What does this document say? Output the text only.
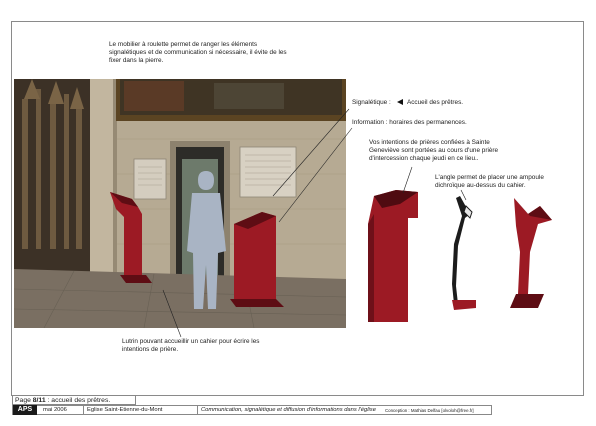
Le mobilier à roulette permet de ranger les éléments signalétiques et de communication si nécessaire, il évite de les fixer dans la pierre.
Signalétique :	Accueil des prêtres.
Information : horaires des permanences.
Vos intentions de prières confiées à Sainte Geneviève sont portées au cours d'une prière d'intercession chaque jeudi en ce lieu..
L'angle permet de placer une ampoule dichroïque au-dessus du cahier.
Lutrin pouvant accueillir un cahier pour écrire les intentions de prière.
Page 8/11 : accueil des prêtres.
APS	mai 2006	Eglise Saint-Etienne-du-Mont	Communication, signalétique et diffusion d'informations dans l'église Conception : Mathias Delfau [olvoloh@free.fr]
